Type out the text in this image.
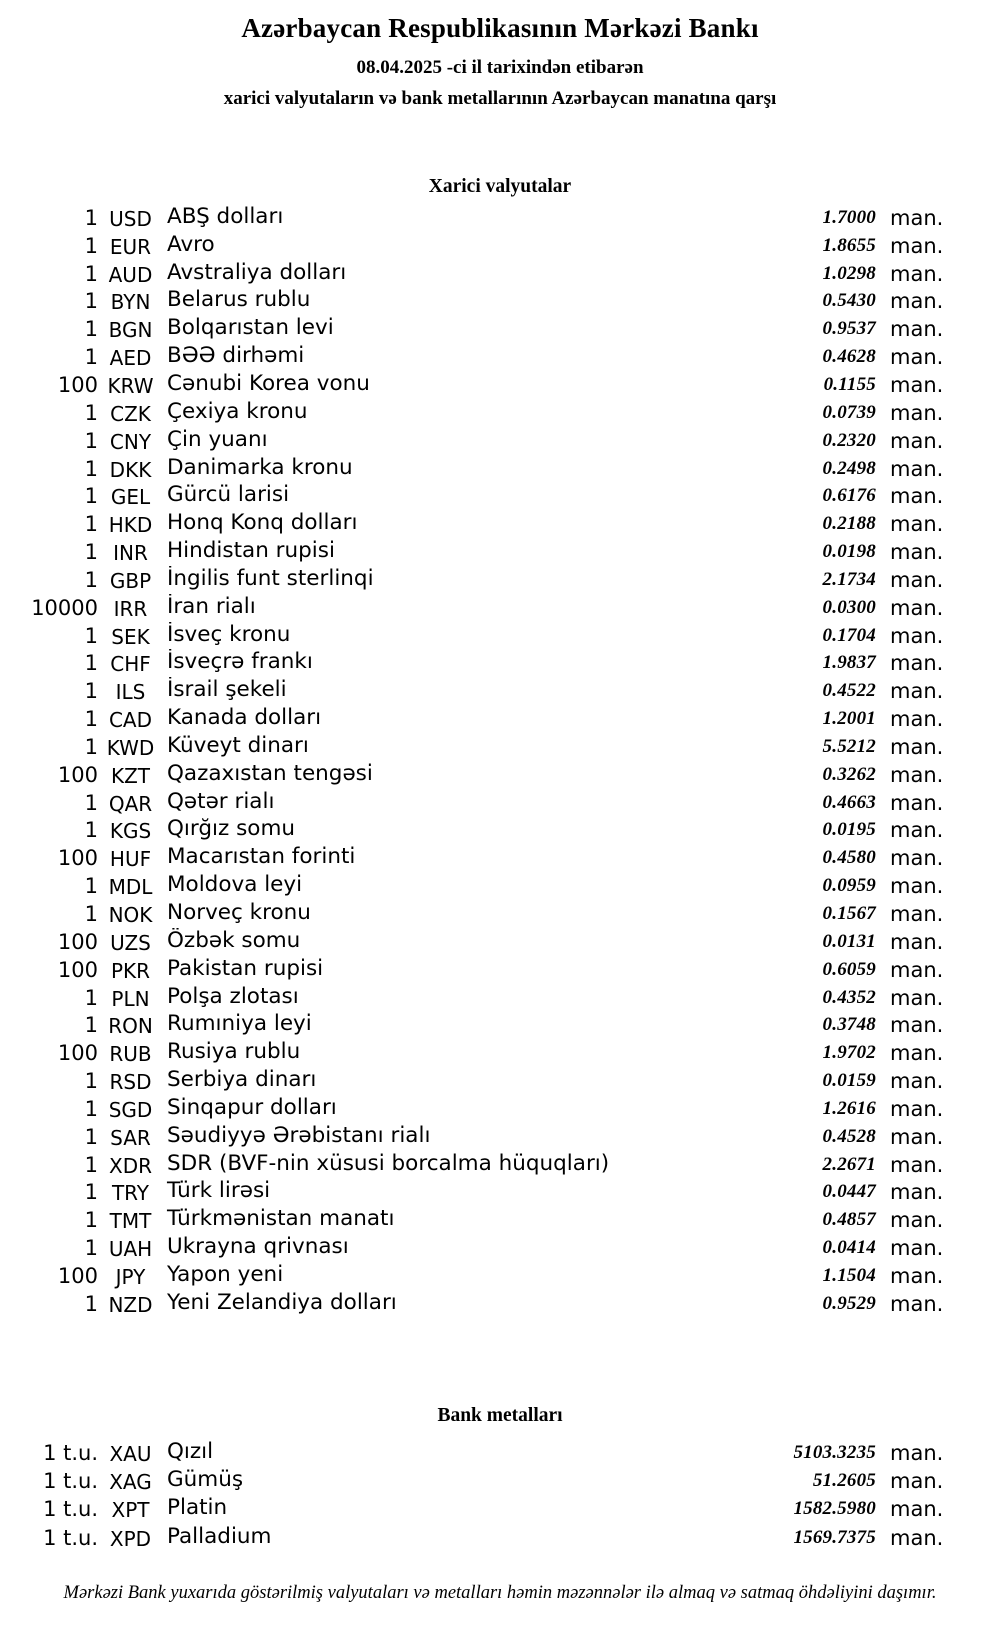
Azərbaycan Respublikasının Mərkəzi Bankı
08.04.2025 -ci il tarixindən etibarən
xarici valyutaların və bank metallarının Azərbaycan manatına qarşı
Xarici valyutalar
1 USD ABŞ dolları	1.7000 man.
1 EUR Avro	1.8655 man.
1 AUD Avstraliya dolları	1.0298 man.
1 BYN Belarus rublu	0.5430 man.
1 BGN Bolqarıstan levi	0.9537 man.
1 AED BƏƏ dirhəmi	0.4628 man.
100 KRW Cənubi Korea vonu	0.1155 man.
1 CZK Çexiya kronu	0.0739 man.
1 CNY Çin yuanı	0.2320 man.
1 DKK Danimarka kronu	0.2498 man.
1 GEL Gürcü larisi	0.6176 man.
1 HKD Honq Konq dolları	0.2188 man.
1 INR Hindistan rupisi	0.0198 man.
1 GBP İngilis funt sterlinqi	2.1734 man.
10000 IRR İran rialı	0.0300 man.
1 SEK İsveç kronu	0.1704 man.
1 CHF İsveçrə frankı	1.9837 man.
1 ILS	İsrail şekeli	0.4522 man.
1 CAD Kanada dolları	1.2001 man.
1 KWD Küveyt dinarı	5.5212 man.
100 KZT Qazaxıstan tengəsi	0.3262 man.
1 QAR Qətər rialı	0.4663 man.
1 KGS Qırğız somu	0.0195 man.
100 HUF Macarıstan forinti	0.4580 man.
1 MDL Moldova leyi	0.0959 man.
1 NOK Norveç kronu	0.1567 man.
100 UZS Özbək somu	0.0131 man.
100 PKR Pakistan rupisi	0.6059 man.
1 PLN Polşa zlotası	0.4352 man.
1 RON Rumıniya leyi	0.3748 man.
100 RUB Rusiya rublu	1.9702 man.
1 RSD Serbiya dinarı	0.0159 man.
1 SGD Sinqapur dolları	1.2616 man.
1 SAR Səudiyyə Ərəbistanı rialı	0.4528 man.
1 XDR SDR (BVF-nin xüsusi borcalma hüquqları)	2.2671 man.
1 TRY Türk lirəsi	0.0447 man.
1 TMT Türkmənistan manatı	0.4857 man.
1 UAH Ukrayna qrivnası	0.0414 man.
100 JPY	Yapon yeni	1.1504 man.
1 NZD Yeni Zelandiya dolları	0.9529 man.
Bank metalları
1 t.u. XAU Qızıl	5103.3235 man.
1 t.u. XAG Gümüş	51.2605 man.
1 t.u. XPT Platin	1582.5980 man.
1 t.u. XPD Palladium	1569.7375 man.
Mərkəzi Bank yuxarıda göstərilmiş valyutaları və metalları həmin məzənnələr ilə almaq və satmaq öhdəliyini daşımır.
